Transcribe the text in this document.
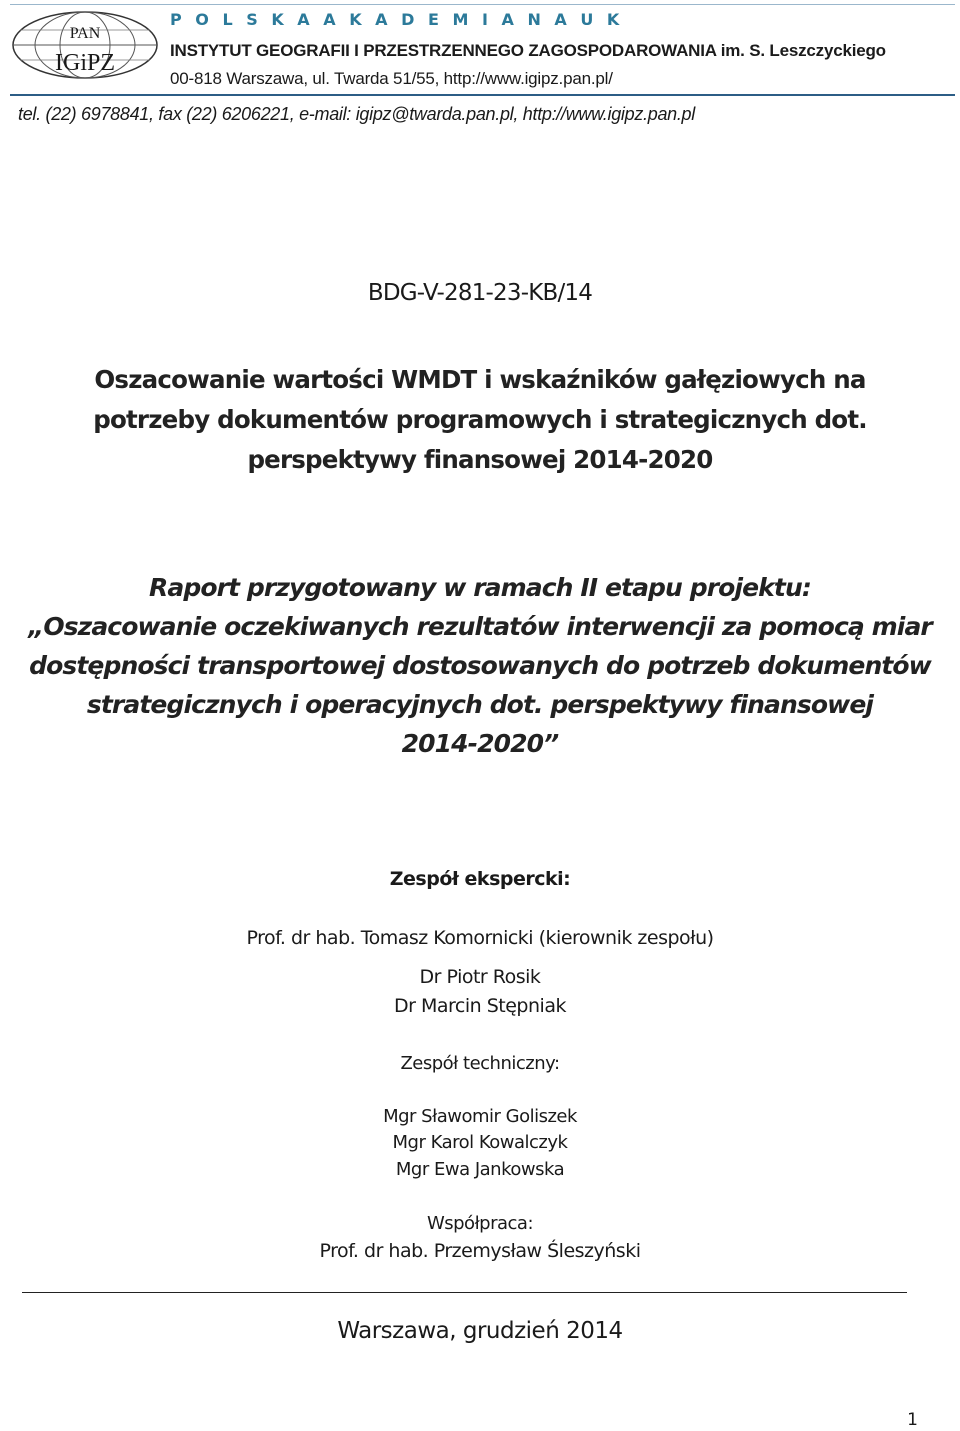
PAN
IGiPZ
P O L S K A A K A D E M I A N A U K
INSTYTUT GEOGRAFII I PRZESTRZENNEGO ZAGOSPODAROWANIA im. S. Leszczyckiego
00-818 Warszawa, ul. Twarda 51/55, http://www.igipz.pan.pl/
tel. (22) 6978841, fax (22) 6206221, e-mail: igipz@twarda.pan.pl, http://www.igipz.pan.pl
BDG-V-281-23-KB/14
Oszacowanie wartości WMDT i wskaźników gałęziowych na
potrzeby dokumentów programowych i strategicznych dot.
perspektywy finansowej 2014-2020
Raport przygotowany w ramach II etapu projektu:
„Oszacowanie oczekiwanych rezultatów interwencji za pomocą miar
dostępności transportowej dostosowanych do potrzeb dokumentów
strategicznych i operacyjnych dot. perspektywy finansowej
2014-2020”
Zespół ekspercki:
Prof. dr hab. Tomasz Komornicki (kierownik zespołu)
Dr Piotr Rosik
Dr Marcin Stępniak
Zespół techniczny:
Mgr Sławomir Goliszek
Mgr Karol Kowalczyk
Mgr Ewa Jankowska
Współpraca:
Prof. dr hab. Przemysław Śleszyński
Warszawa, grudzień 2014
1
